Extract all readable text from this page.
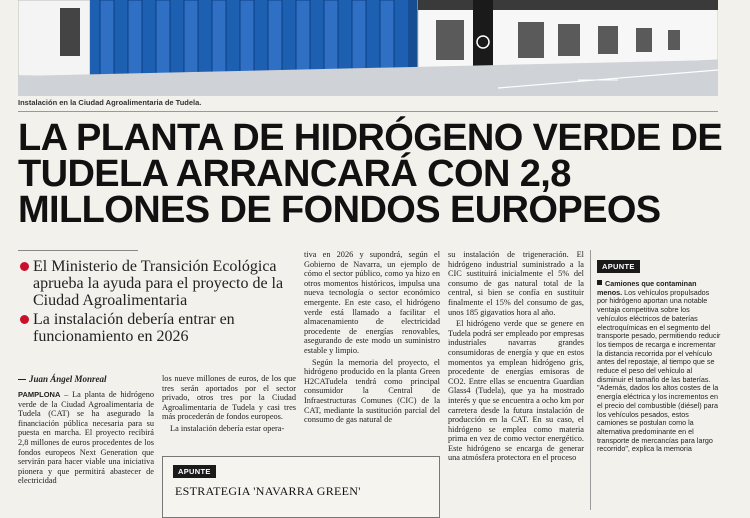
Instalación en la Ciudad Agroalimentaria de Tudela.
LA PLANTA DE HIDRÓGENO VERDE DE
TUDELA ARRANCARÁ CON 2,8
MILLONES DE FONDOS EUROPEOS
El Ministerio de Transición Ecológica aprueba la ayuda para el proyecto de la Ciudad Agroalimentaria
La instalación debería entrar en funcionamiento en 2026
Juan Ángel Monreal

PAMPLONA – La planta de hidrógeno verde de la Ciudad Agroalimentaria de Tudela (CAT) se ha asegurado la financiación pública necesaria para su puesta en marcha. El proyecto recibirá 2,8 millones de euros procedentes de los fondos europeos Next Generation que servirán para hacer viable una iniciativa pionera y que permitirá abastecer de electricidad

los nueve millones de euros, de los que tres serán aportados por el sector privado, otros tres por la Ciudad Agroalimentaria de Tudela y casi tres más procederán de fondos europeos.

La instalación debería estar opera-

tiva en 2026 y supondrá, según el Gobierno de Navarra, un ejemplo de cómo el sector público, como ya hizo en otros momentos históricos, impulsa una nueva tecnología o sector económico emergente. En este caso, el hidrógeno verde está llamado a facilitar el almacenamiento de electricidad procedente de energías renovables, asegurando de este modo un suministro estable y limpio.

Según la memoria del proyecto, el hidrógeno producido en la planta Green H2CATudela tendrá como principal consumidor la Central de Infraestructuras Comunes (CIC) de la CAT, mediante la sustitución parcial del consumo de gas natural de

su instalación de trigeneración. El hidrógeno industrial suministrado a la CIC sustituirá inicialmente el 5% del consumo de gas natural total de la central, si bien se confía en sustituir finalmente el 15% del consumo de gas, unos 185 gigavatios hora al año.

El hidrógeno verde que se genere en Tudela podrá ser empleado por empresas industriales navarras grandes consumidoras de energía y que en estos momentos ya emplean hidrógeno gris, procedente de energías emisoras de CO2. Entre ellas se encuentra Guardian Glass4 (Tudela), que ya ha mostrado interés y que se encuentra a ocho km por carretera desde la futura instalación de producción en la CAT. En su caso, el hidrógeno se emplea como materia prima en vez de como vector energético. Este hidrógeno se encarga de generar una atmósfera protectora en el proceso

APUNTE
ESTRATEGIA 'NAVARRA GREEN'
APUNTE
Camiones que contaminan menos. Los vehículos propulsados por hidrógeno aportan una notable ventaja competitiva sobre los vehículos eléctricos de baterías electroquímicas en el segmento del transporte pesado, permitiendo reducir los tiempos de recarga e incrementar la distancia recorrida por el vehículo antes del repostaje, al tiempo que se reduce el peso del vehículo al disminuir el tamaño de las baterías. "Además, dados los altos costes de la energía eléctrica y los incrementos en el precio del combustible (diésel) para los vehículos pesados, estos camiones se postulan como la alternativa predominante en el transporte de mercancías para largo recorrido", explica la memoria
